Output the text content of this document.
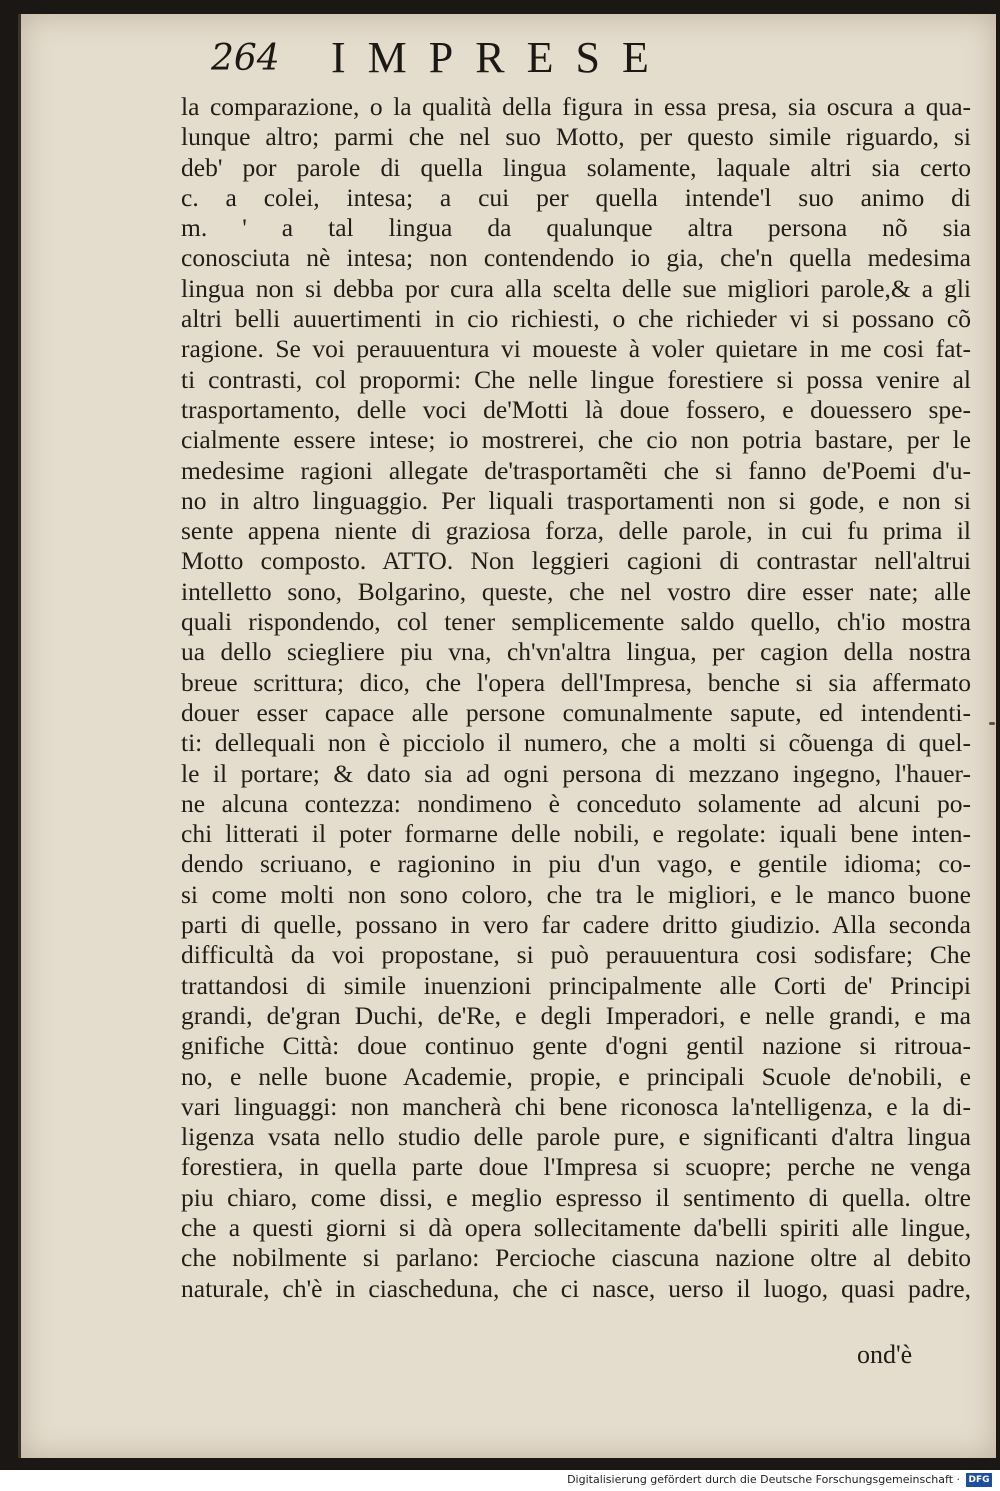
264 IMPRESE
la comparazione, o la qualità della figura in essa presa, sia oscura a qua-
lunque altro; parmi che nel suo Motto, per questo simile riguardo, si
deb' por parole di quella lingua solamente, laquale altri sia certo
c. a colei, intesa; a cui per quella intende'l suo animo di
m. ' a tal lingua da qualunque altra persona nõ sia
conosciuta nè intesa; non contendendo io gia, che'n quella medesima
lingua non si debba por cura alla scelta delle sue migliori parole,& a gli
altri belli auuertimenti in cio richiesti, o che richieder vi si possano cõ
ragione. Se voi perauuentura vi moueste à voler quietare in me cosi fat-
ti contrasti, col propormi: Che nelle lingue forestiere si possa venire al
trasportamento, delle voci de'Motti là doue fossero, e douessero spe-
cialmente essere intese; io mostrerei, che cio non potria bastare, per le
medesime ragioni allegate de'trasportamẽti che si fanno de'Poemi d'u-
no in altro linguaggio. Per liquali trasportamenti non si gode, e non si
sente appena niente di graziosa forza, delle parole, in cui fu prima il
Motto composto. ATTO. Non leggieri cagioni di contrastar nell'altrui
intelletto sono, Bolgarino, queste, che nel vostro dire esser nate; alle
quali rispondendo, col tener semplicemente saldo quello, ch'io mostra
ua dello sciegliere piu vna, ch'vn'altra lingua, per cagion della nostra
breue scrittura; dico, che l'opera dell'Impresa, benche si sia affermato
douer esser capace alle persone comunalmente sapute, ed intendenti-
ti: dellequali non è picciolo il numero, che a molti si cõuenga di quel-
le il portare; & dato sia ad ogni persona di mezzano ingegno, l'hauer-
ne alcuna contezza: nondimeno è conceduto solamente ad alcuni po-
chi litterati il poter formarne delle nobili, e regolate: iquali bene inten-
dendo scriuano, e ragionino in piu d'un vago, e gentile idioma; co-
si come molti non sono coloro, che tra le migliori, e le manco buone
parti di quelle, possano in vero far cadere dritto giudizio. Alla seconda
difficultà da voi propostane, si può perauuentura cosi sodisfare; Che
trattandosi di simile inuenzioni principalmente alle Corti de' Principi
grandi, de'gran Duchi, de'Re, e degli Imperadori, e nelle grandi, e ma
gnifiche Città: doue continuo gente d'ogni gentil nazione si ritroua-
no, e nelle buone Academie, propie, e principali Scuole de'nobili, e
vari linguaggi: non mancherà chi bene riconosca la'ntelligenza, e la di-
ligenza vsata nello studio delle parole pure, e significanti d'altra lingua
forestiera, in quella parte doue l'Impresa si scuopre; perche ne venga
piu chiaro, come dissi, e meglio espresso il sentimento di quella. oltre
che a questi giorni si dà opera sollecitamente da'belli spiriti alle lingue,
che nobilmente si parlano: Percioche ciascuna nazione oltre al debito
naturale, ch'è in ciascheduna, che ci nasce, uerso il luogo, quasi padre,
ond'è
Digitalisierung gefördert durch die Deutsche Forschungsgemeinschaft · DFG
